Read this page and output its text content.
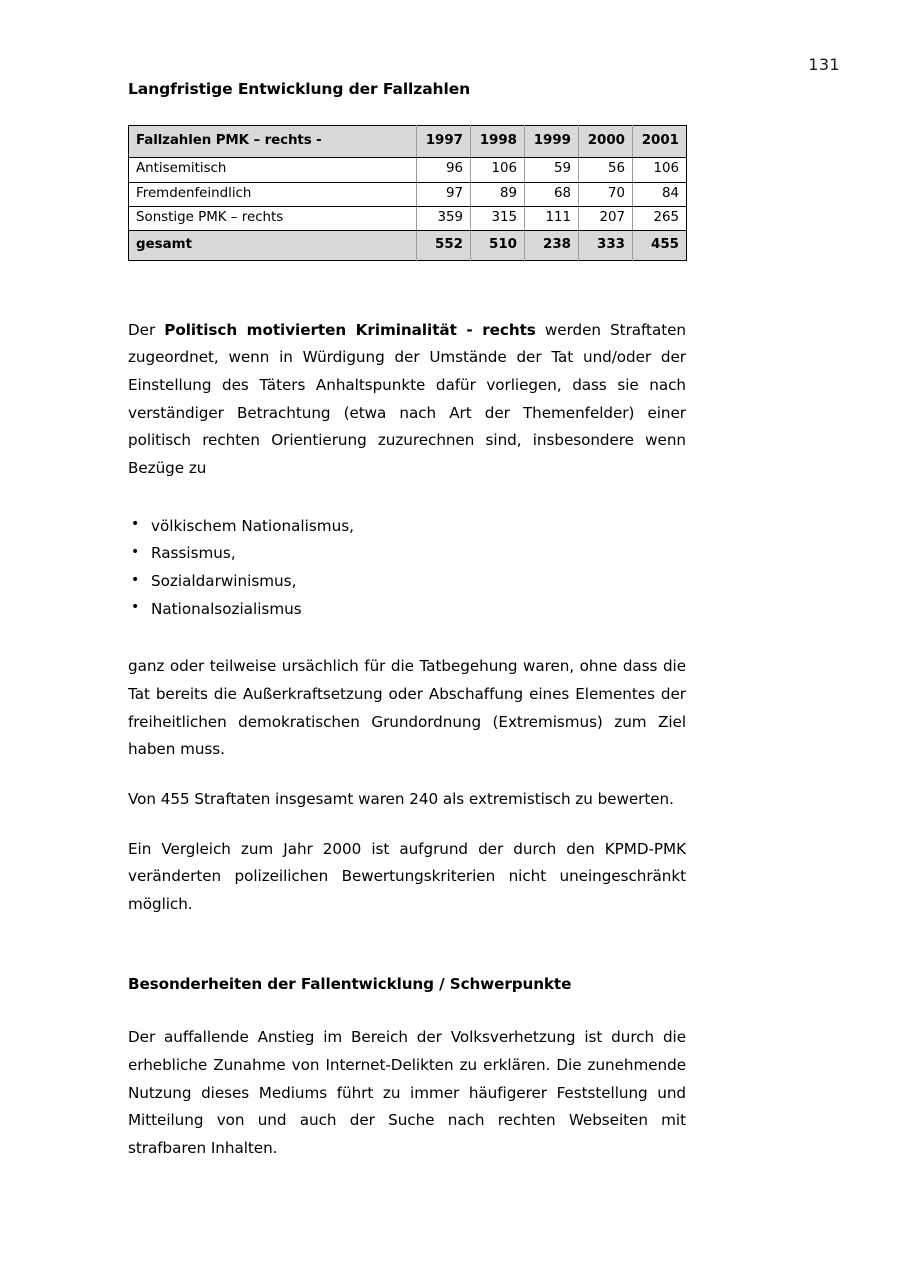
131
Langfristige Entwicklung der Fallzahlen
Fallzahlen PMK – rechts -	1997	1998	1999	2000	2001
Antisemitisch	96	106	59	56	106
Fremdenfeindlich	97	89	68	70	84
Sonstige PMK – rechts	359	315	111	207	265
gesamt	552	510	238	333	455

Der Politisch motivierten Kriminalität - rechts werden Straftaten zugeordnet, wenn in Würdigung der Umstände der Tat und/oder der Einstellung des Täters Anhaltspunkte dafür vorliegen, dass sie nach verständiger Betrachtung (etwa nach Art der Themenfelder) einer politisch rechten Orientierung zuzurechnen sind, insbesondere wenn Bezüge zu

• völkischem Nationalismus,
• Rassismus,
• Sozialdarwinismus,
• Nationalsozialismus

ganz oder teilweise ursächlich für die Tatbegehung waren, ohne dass die Tat bereits die Außerkraftsetzung oder Abschaffung eines Elementes der freiheitlichen demokratischen Grundordnung (Extremismus) zum Ziel haben muss.

Von 455 Straftaten insgesamt waren 240 als extremistisch zu bewerten.

Ein Vergleich zum Jahr 2000 ist aufgrund der durch den KPMD-PMK veränderten polizeilichen Bewertungskriterien nicht uneingeschränkt möglich.

Besonderheiten der Fallentwicklung / Schwerpunkte

Der auffallende Anstieg im Bereich der Volksverhetzung ist durch die erhebliche Zunahme von Internet-Delikten zu erklären. Die zunehmende Nutzung dieses Mediums führt zu immer häufigerer Feststellung und Mitteilung von und auch der Suche nach rechten Webseiten mit strafbaren Inhalten.
